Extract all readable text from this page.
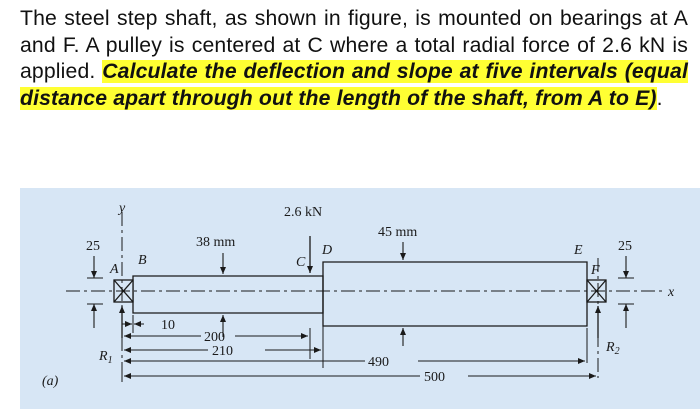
The steel step shaft, as shown in figure, is mounted on bearings at A and F. A pulley is centered at C where a total radial force of 2.6 kN is applied. Calculate the deflection and slope at five intervals (equal distance apart through out the length of the shaft, from A to E).
x
y	2.6 kN
A
B	C
D	E
F
38 mm
45 mm
25	25
$R_1$
$R_2$
10
200
210
490
500
(a)
